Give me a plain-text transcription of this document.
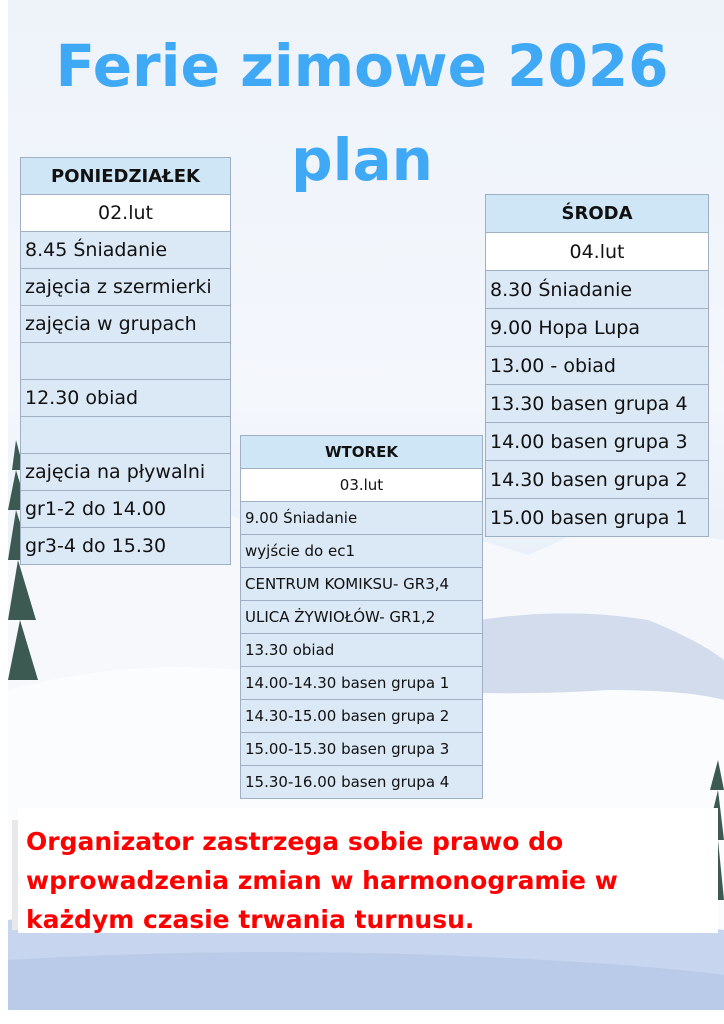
Ferie zimowe 2026
plan
PONIEDZIAŁEK
02.lut
8.45 Śniadanie
zajęcia z szermierki
zajęcia w grupach

12.30 obiad

zajęcia na pływalni
gr1-2 do 14.00
gr3-4 do 15.30
ŚRODA
04.lut
8.30 Śniadanie
9.00 Hopa Lupa
13.00 - obiad
13.30 basen grupa 4
14.00 basen grupa 3
14.30 basen grupa 2
15.00 basen grupa 1
WTOREK
03.lut
9.00 Śniadanie
wyjście do ec1
CENTRUM KOMIKSU- GR3,4
ULICA ŻYWIOŁÓW- GR1,2
13.30 obiad
14.00-14.30 basen grupa 1
14.30-15.00 basen grupa 2
15.00-15.30 basen grupa 3
15.30-16.00 basen grupa 4
Organizator zastrzega sobie prawo do wprowadzenia zmian w harmonogramie w każdym czasie trwania turnusu.
